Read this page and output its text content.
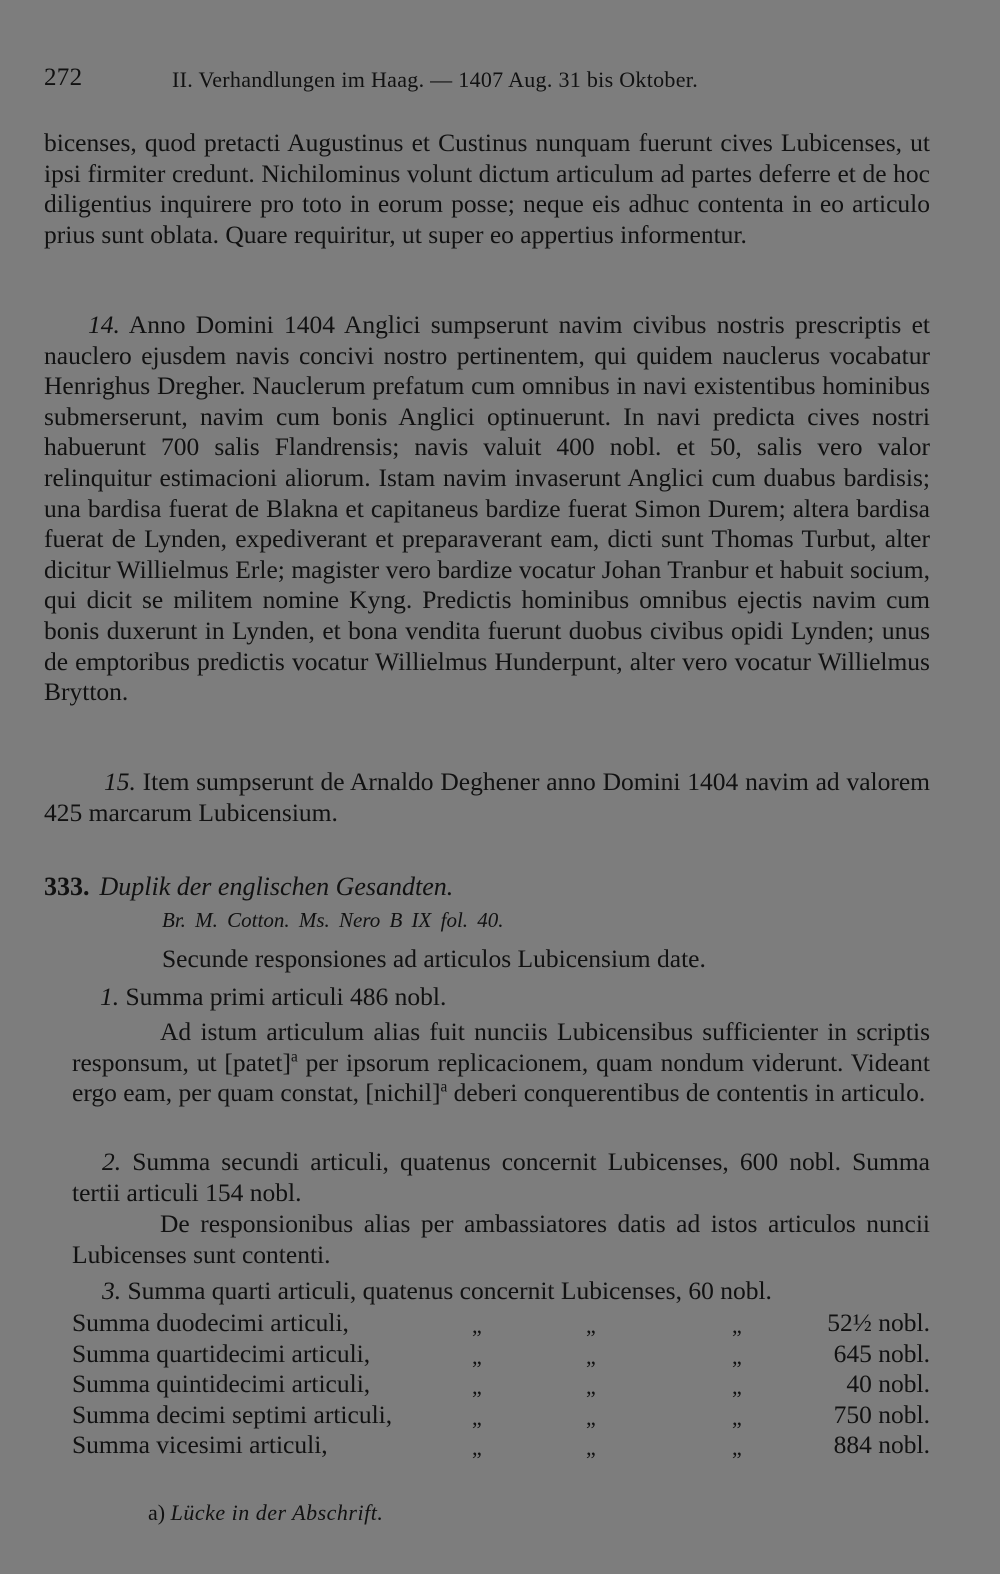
272	II. Verhandlungen im Haag. — 1407 Aug. 31 bis Oktober.

bicenses, quod pretacti Augustinus et Custinus nunquam fuerunt cives Lubicenses, ut ipsi firmiter credunt. Nichilominus volunt dictum articulum ad partes deferre et de hoc diligentius inquirere pro toto in eorum posse; neque eis adhuc contenta in eo articulo prius sunt oblata. Quare requiritur, ut super eo appertius informentur.

14. Anno Domini 1404 Anglici sumpserunt navim civibus nostris prescriptis et nauclero ejusdem navis concivi nostro pertinentem, qui quidem nauclerus vocabatur Henrighus Dregher. Nauclerum prefatum cum omnibus in navi existentibus hominibus submerserunt, navim cum bonis Anglici optinuerunt. In navi predicta cives nostri habuerunt 700 salis Flandrensis; navis valuit 400 nobl. et 50, salis vero valor relinquitur estimacioni aliorum. Istam navim invaserunt Anglici cum duabus bardisis; una bardisa fuerat de Blakna et capitaneus bardize fuerat Simon Durem; altera bardisa fuerat de Lynden, expediverant et preparaverant eam, dicti sunt Thomas Turbut, alter dicitur Willielmus Erle; magister vero bardize vocatur Johan Tranbur et habuit socium, qui dicit se militem nomine Kyng. Predictis hominibus omnibus ejectis navim cum bonis duxerunt in Lynden, et bona vendita fuerunt duobus civibus opidi Lynden; unus de emptoribus predictis vocatur Willielmus Hunderpunt, alter vero vocatur Willielmus Brytton.

15. Item sumpserunt de Arnaldo Deghener anno Domini 1404 navim ad valorem 425 marcarum Lubicensium.

333. Duplik der englischen Gesandten.
Br. M. Cotton. Ms. Nero B IX fol. 40.

Secunde responsiones ad articulos Lubicensium date.

1. Summa primi articuli 486 nobl.

Ad istum articulum alias fuit nunciis Lubicensibus sufficienter in scriptis responsum, ut [patet]$^a$ per ipsorum replicacionem, quam nondum viderunt. Videant ergo eam, per quam constat, [nichil]$^a$ deberi conquerentibus de contentis in articulo.

2. Summa secundi articuli, quatenus concernit Lubicenses, 600 nobl. Summa tertii articuli 154 nobl.

De responsionibus alias per ambassiatores datis ad istos articulos nuncii Lubicenses sunt contenti.

3. Summa quarti articuli, quatenus concernit Lubicenses, 60 nobl.

Summa duodecimi articuli,	„	„	„	52½ nobl.
Summa quartidecimi articuli,	„	„	„	645 nobl.
Summa quintidecimi articuli,	„	„	„	40 nobl.
Summa decimi septimi articuli,	„	„	„	750 nobl.
Summa vicesimi articuli,	„	„	„	884 nobl.
a) Lücke in der Abschrift.
